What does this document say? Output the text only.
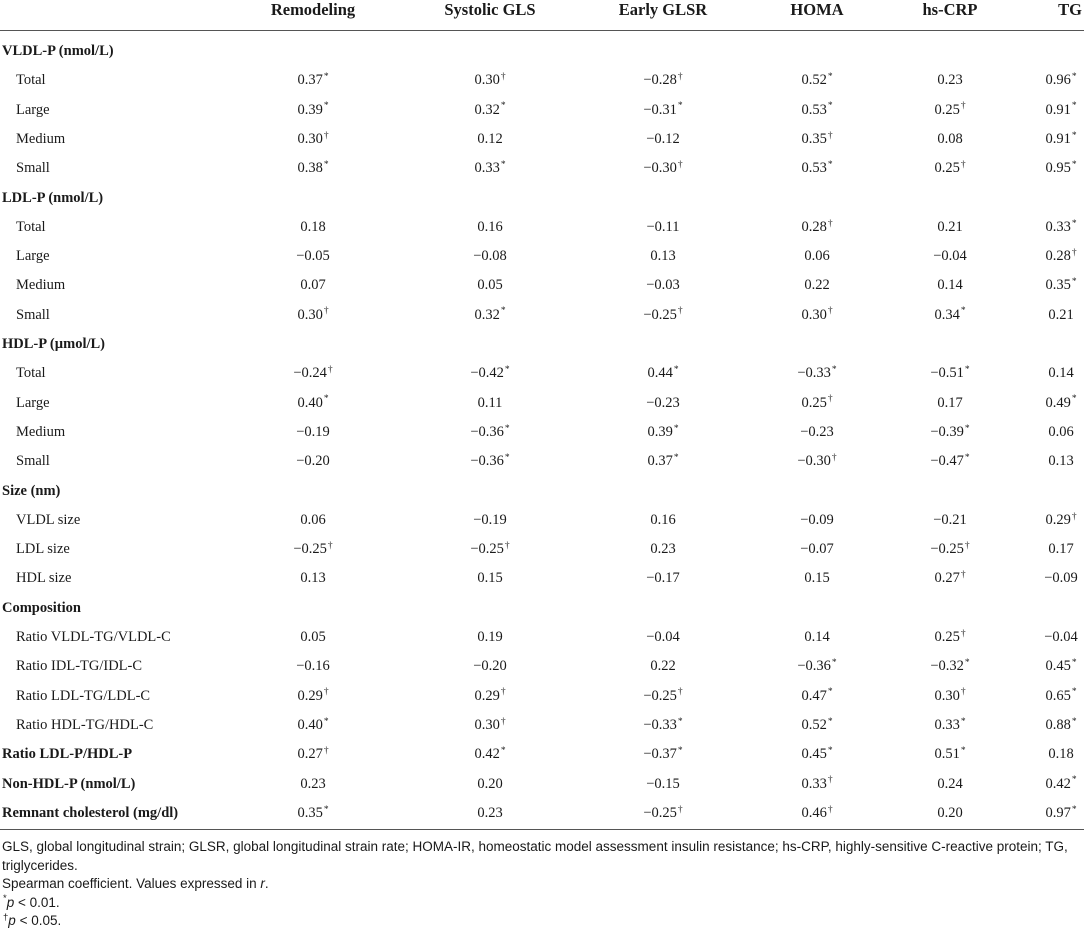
Remodeling	Systolic GLS	Early GLSR	HOMA	hs-CRP	TG
VLDL-P (nmol/L)
Total	0.37*	0.30†	−0.28†	0.52*	0.23	0.96*
Large	0.39*	0.32*	−0.31*	0.53*	0.25†	0.91*
Medium	0.30†	0.12	−0.12	0.35†	0.08	0.91*
Small	0.38*	0.33*	−0.30†	0.53*	0.25†	0.95*
LDL-P (nmol/L)
Total	0.18	0.16	−0.11	0.28†	0.21	0.33*
Large	−0.05	−0.08	0.13	0.06	−0.04	0.28†
Medium	0.07	0.05	−0.03	0.22	0.14	0.35*
Small	0.30†	0.32*	−0.25†	0.30†	0.34*	0.21
HDL-P (µmol/L)
Total	−0.24†	−0.42*	0.44*	−0.33*	−0.51*	0.14
Large	0.40*	0.11	−0.23	0.25†	0.17	0.49*
Medium	−0.19	−0.36*	0.39*	−0.23	−0.39*	0.06
Small	−0.20	−0.36*	0.37*	−0.30†	−0.47*	0.13
Size (nm)
VLDL size	0.06	−0.19	0.16	−0.09	−0.21	0.29†
LDL size	−0.25†	−0.25†	0.23	−0.07	−0.25†	0.17
HDL size	0.13	0.15	−0.17	0.15	0.27†	−0.09
Composition
Ratio VLDL-TG/VLDL-C	0.05	0.19	−0.04	0.14	0.25†	−0.04
Ratio IDL-TG/IDL-C	−0.16	−0.20	0.22	−0.36*	−0.32*	0.45*
Ratio LDL-TG/LDL-C	0.29†	0.29†	−0.25†	0.47*	0.30†	0.65*
Ratio HDL-TG/HDL-C	0.40*	0.30†	−0.33*	0.52*	0.33*	0.88*
Ratio LDL-P/HDL-P	0.27†	0.42*	−0.37*	0.45*	0.51*	0.18
Non-HDL-P (nmol/L)	0.23	0.20	−0.15	0.33†	0.24	0.42*
Remnant cholesterol (mg/dl)	0.35*	0.23	−0.25†	0.46†	0.20	0.97*

GLS, global longitudinal strain; GLSR, global longitudinal strain rate; HOMA-IR, homeostatic model assessment insulin resistance; hs-CRP, highly-sensitive C-reactive protein; TG, triglycerides.

Spearman coefficient. Values expressed in r.

*p < 0.01.

†p < 0.05.
